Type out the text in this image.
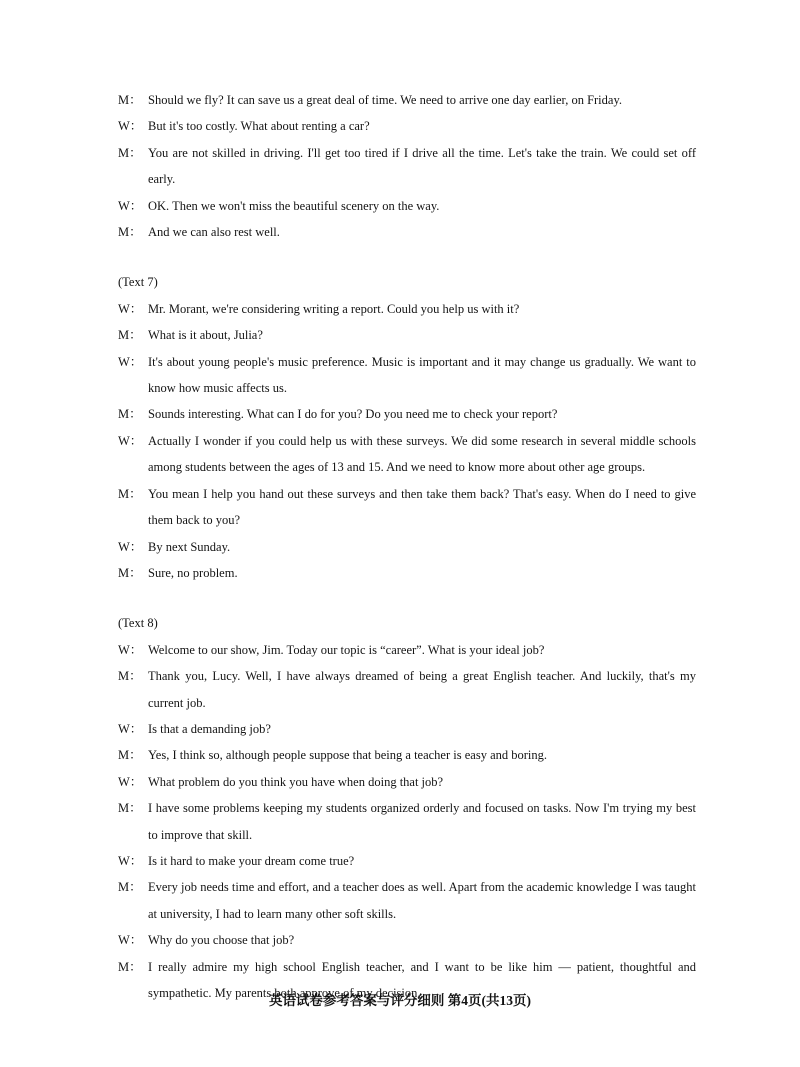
M： Should we fly? It can save us a great deal of time. We need to arrive one day earlier, on Friday.
W： But it's too costly. What about renting a car?
M： You are not skilled in driving. I'll get too tired if I drive all the time. Let's take the train. We could set off early.
W： OK. Then we won't miss the beautiful scenery on the way.
M： And we can also rest well.
(Text 7)
W： Mr. Morant, we're considering writing a report. Could you help us with it?
M： What is it about, Julia?
W： It's about young people's music preference. Music is important and it may change us gradually. We want to know how music affects us.
M： Sounds interesting. What can I do for you? Do you need me to check your report?
W： Actually I wonder if you could help us with these surveys. We did some research in several middle schools among students between the ages of 13 and 15. And we need to know more about other age groups.
M： You mean I help you hand out these surveys and then take them back? That's easy. When do I need to give them back to you?
W： By next Sunday.
M： Sure, no problem.
(Text 8)
W： Welcome to our show, Jim. Today our topic is “career”. What is your ideal job?
M： Thank you, Lucy. Well, I have always dreamed of being a great English teacher. And luckily, that's my current job.
W： Is that a demanding job?
M： Yes, I think so, although people suppose that being a teacher is easy and boring.
W： What problem do you think you have when doing that job?
M： I have some problems keeping my students organized orderly and focused on tasks. Now I'm trying my best to improve that skill.
W： Is it hard to make your dream come true?
M： Every job needs time and effort, and a teacher does as well. Apart from the academic knowledge I was taught at university, I had to learn many other soft skills.
W： Why do you choose that job?
M： I really admire my high school English teacher, and I want to be like him — patient, thoughtful and sympathetic. My parents both approve of my decision.
英语试卷参考答案与评分细则 第4页(共13页)
